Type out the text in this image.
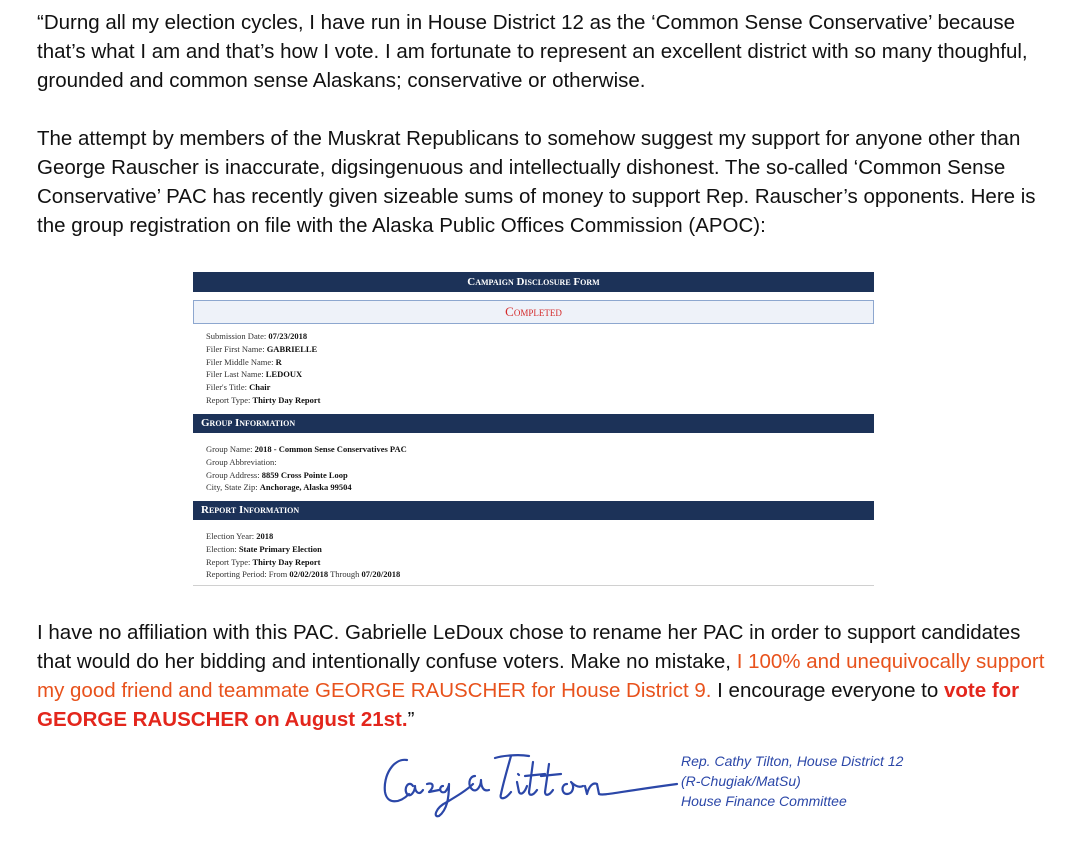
“Durng all my election cycles, I have run in House District 12 as the ‘Common Sense Conservative’ because that’s what I am and that’s how I vote. I am fortunate to represent an excellent district with so many thoughful, grounded and common sense Alaskans; conservative or otherwise.

The attempt by members of the Muskrat Republicans to somehow suggest my support for anyone other than George Rauscher is inaccurate, digsingenuous and intellectually dishonest. The so-called ‘Common Sense Conservative’ PAC has recently given sizeable sums of money to support Rep. Rauscher’s opponents. Here is the group registration on file with the Alaska Public Offices Commission (APOC):

Campaign Disclosure Form
Completed
Submission Date: 07/23/2018
Filer First Name: GABRIELLE
Filer Middle Name: R
Filer Last Name: LEDOUX
Filer's Title: Chair
Report Type: Thirty Day Report
Group Information
Group Name: 2018 - Common Sense Conservatives PAC
Group Abbreviation:
Group Address: 8859 Cross Pointe Loop
City, State Zip: Anchorage, Alaska 99504
Report Information
Election Year: 2018
Election: State Primary Election
Report Type: Thirty Day Report
Reporting Period: From 02/02/2018 Through 07/20/2018

I have no affiliation with this PAC. Gabrielle LeDoux chose to rename her PAC in order to support candidates that would do her bidding and intentionally confuse voters. Make no mistake, I 100% and unequivocally support my good friend and teammate GEORGE RAUSCHER for House District 9. I encourage everyone to vote for GEORGE RAUSCHER on August 21st.”

Rep. Cathy Tilton, House District 12
(R-Chugiak/MatSu)
House Finance Committee
